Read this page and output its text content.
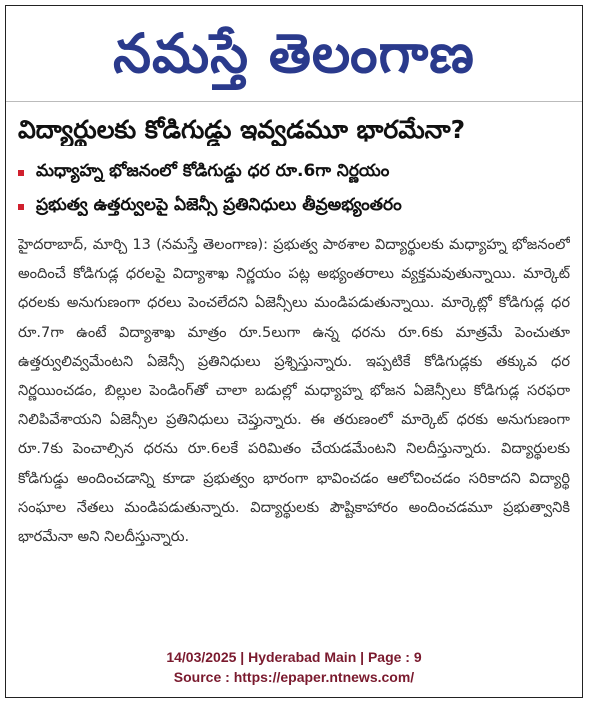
నమస్తే తెలంగాణ
విద్యార్థులకు కోడిగుడ్డు ఇవ్వడమూ భారమేనా?
మధ్యాహ్న భోజనంలో కోడిగుడ్డు ధర రూ.6గా నిర్ణయం
ప్రభుత్వ ఉత్తర్వులపై ఏజెన్సీ ప్రతినిధులు తీవ్రఅభ్యంతరం
హైదరాబాద్, మార్చి 13 (నమస్తే తెలంగాణ): ప్రభుత్వ పాఠశాల విద్యార్థులకు మధ్యాహ్న భోజనంలో అందించే కోడిగుడ్ల ధరలపై విద్యాశాఖ నిర్ణయం పట్ల అభ్యంతరాలు వ్యక్తమవుతున్నాయి. మార్కెట్ ధరలకు అనుగుణంగా ధరలు పెంచలేదని ఏజెన్సీలు మండిపడుతున్నాయి. మార్కెట్లో కోడిగుడ్ల ధర రూ.7గా ఉంటే విద్యాశాఖ మాత్రం రూ.5లుగా ఉన్న ధరను రూ.6కు మాత్రమే పెంచుతూ ఉత్తర్వులివ్వమేంటని ఏజెన్సీ ప్రతినిధులు ప్రశ్నిస్తున్నారు. ఇప్పటికే కోడిగుడ్లకు తక్కువ ధర నిర్ణయించడం, బిల్లుల పెండింగ్‌తో చాలా బడుల్లో మధ్యాహ్న భోజన ఏజెన్సీలు కోడిగుడ్ల సరఫరా నిలిపివేశాయని ఏజెన్సీల ప్రతినిధులు చెప్తున్నారు. ఈ తరుణంలో మార్కెట్ ధరకు అనుగుణంగా రూ.7కు పెంచాల్సిన ధరను రూ.6లకే పరిమితం చేయడమేంటని నిలదీస్తున్నారు. విద్యార్థులకు కోడిగుడ్డు అందించడాన్ని కూడా ప్రభుత్వం భారంగా భావించడం ఆలోచించడం సరికాదని విద్యార్థి సంఘాల నేతలు మండిపడుతున్నారు. విద్యార్థులకు పౌష్టికాహారం అందించడమూ ప్రభుత్వానికి భారమేనా అని నిలదీస్తున్నారు.
14/03/2025 | Hyderabad Main | Page : 9
Source : https://epaper.ntnews.com/
